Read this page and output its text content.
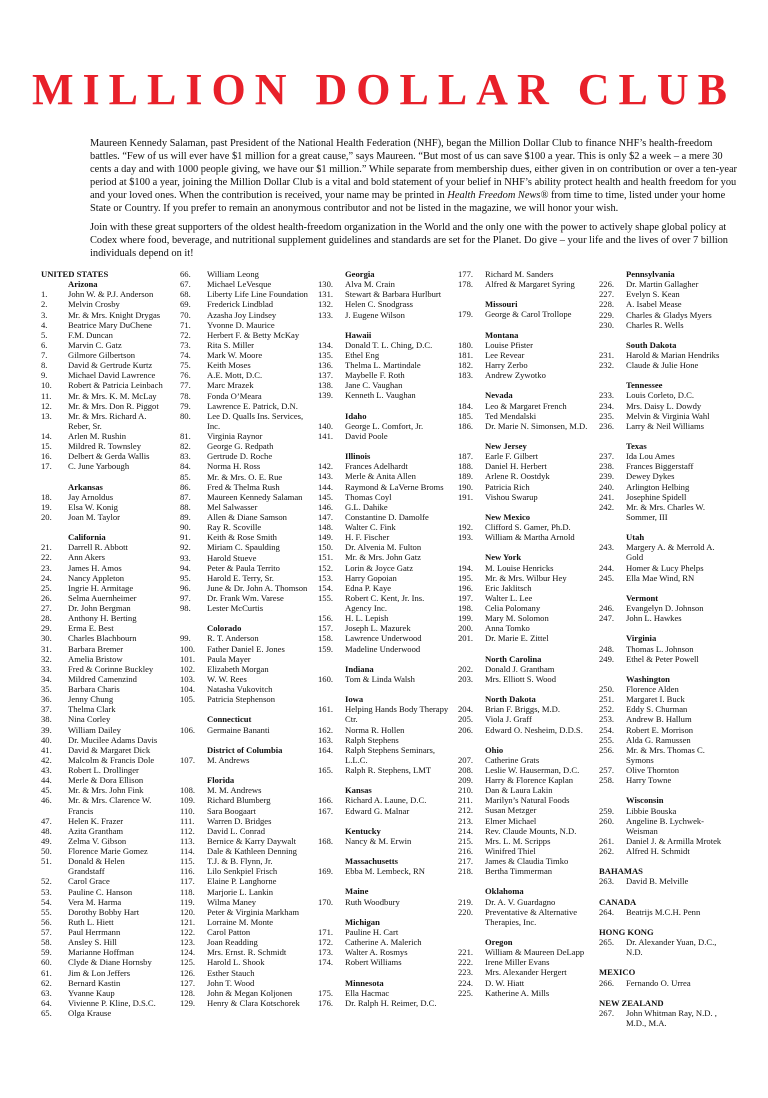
MILLION DOLLAR CLUB

Maureen Kennedy Salaman, past President of the National Health Federation (NHF), began the Million Dollar Club to finance NHF’s health-freedom battles. “Few of us will ever have $1 million for a great cause,” says Maureen. “But most of us can save $100 a year. This is only $2 a week – a mere 30 cents a day and with 1000 people giving, we have our $1 million.” While separate from membership dues, either given in on contribution or over a ten-year period at $100 a year, joining the Million Dollar Club is a vital and bold statement of your belief in NHF’s ability protect health and health freedom for you and your loved ones. When the contribution is received, your name may be printed in Health Freedom News® from time to time, listed under your home State or Country. If you prefer to remain an anonymous contributor and not be listed in the magazine, we will honor your wish.

Join with these great supporters of the oldest health-freedom organization in the World and the only one with the power to actively shape global policy at Codex where food, beverage, and nutritional supplement guidelines and standards are set for the Planet. Do give – your life and the lives of over 7 billion individuals depend on it!

UNITED STATES
Arizona
1.	John W. & P.J. Anderson
2.	Melvin Crosby
3.	Mr. & Mrs. Knight Drygas
4.	Beatrice Mary DuChene
5.	F.M. Duncan
6.	Marvin C. Gatz
7.	Gilmore Gilbertson
8.	David & Gertrude Kurtz
9.	Michael David Lawrence
10.	Robert & Patricia Leinbach
11.	Mr. & Mrs. K. M. McLay
12.	Mr. & Mrs. Don R. Piggot
13.	Mr. & Mrs. Richard A. Reber, Sr.
14.	Arlen M. Rushin
15.	Mildred R. Townsley
16.	Delbert & Gerda Wallis
17.	C. June Yarbough
Arkansas
18.	Jay Arnoldus
19.	Elsa W. Konig
20.	Joan M. Taylor
California
21.	Darrell R. Abbott
22.	Ann Akers
23.	James H. Amos
24.	Nancy Appleton
25.	Ingrie H. Armitage
26.	Selma Auernheimer
27.	Dr. John Bergman
28.	Anthony H. Berting
29.	Erma E. Best
30.	Charles Blachbourn
31.	Barbara Bremer
32.	Amelia Bristow
33.	Fred & Corinne Buckley
34.	Mildred Camenzind
35.	Barbara Charis
36.	Jenny Chung
37.	Thelma Clark
38.	Nina Corley
39.	William Dailey
40.	Dr. Mucilee Adams Davis
41.	David & Margaret Dick
42.	Malcolm & Francis Dole
43.	Robert L. Drollinger
44.	Merle & Dora Ellison
45.	Mr. & Mrs. John Fink
46.	Mr. & Mrs. Clarence W. Francis
47.	Helen K. Frazer
48.	Azita Grantham
49.	Zelma V. Gibson
50.	Florence Marie Gomez
51.	Donald & Helen Grandstaff
52.	Carol Grace
53.	Pauline C. Hanson
54.	Vera M. Harma
55.	Dorothy Bobby Hart
56.	Ruth L. Hiett
57.	Paul Herrmann
58.	Ansley S. Hill
59.	Marianne Hoffman
60.	Clyde & Diane Hornsby
61.	Jim & Lon Jeffers
62.	Bernard Kastin
63.	Yvanne Kaup
64.	Vivienne P. Kline, D.S.C.
65.	Olga Krause
66.	William Leong
67.	Michael LeVesque
68.	Liberty Life Line Foundation
69.	Frederick Lindblad
70.	Azasha Joy Lindsey
71.	Yvonne D. Maurice
72.	Herbert F. & Betty McKay
73.	Rita S. Miller
74.	Mark W. Moore
75.	Keith Moses
76.	A.E. Mott, D.C.
77.	Marc Mrazek
78.	Fonda O’Meara
79.	Lawrence E. Patrick, D.N.
80.	Lee D. Qualls Ins. Services, Inc.
81.	Virginia Raynor
82.	George G. Redpath
83.	Gertrude D. Roche
84.	Norma H. Ross
85.	Mr. & Mrs. O. E. Rue
86.	Fred & Thelma Rush
87.	Maureen Kennedy Salaman
88.	Mel Salwasser
89.	Allen & Diane Samson
90.	Ray R. Scoville
91.	Keith & Rose Smith
92.	Miriam C. Spaulding
93.	Harold Stueve
94.	Peter & Paula Territo
95.	Harold E. Terry, Sr.
96.	June & Dr. John A. Thomson
97.	Dr. Frank Wm. Varese
98.	Lester McCurtis
Colorado
99.	R. T. Anderson
100.	Father Daniel E. Jones
101.	Paula Mayer
102.	Elizabeth Morgan
103.	W. W. Rees
104.	Natasha Vukovitch
105.	Patricia Stephenson
Connecticut
106.	Germaine Bananti
District of Columbia
107.	M. Andrews
Florida
108.	M. M. Andrews
109.	Richard Blumberg
110.	Sara Boogaart
111.	Warren D. Bridges
112.	David L. Conrad
113.	Bernice & Karry Daywalt
114.	Dale & Kathleen Denning
115.	T.J. & B. Flynn, Jr.
116.	Lilo Senkpiel Frisch
117.	Elaine P. Langhorne
118.	Marjorie L. Lankin
119.	Wilma Maney
120.	Peter & Virginia Markham
121.	Lorraine M. Monte
122.	Carol Patton
123.	Joan Readding
124.	Mrs. Ernst. R. Schmidt
125.	Harold L. Shook
126.	Esther Stauch
127.	John T. Wood
128.	John & Megan Koljonen
129.	Henry & Clara Kotschorek
Georgia
130.	Alva M. Crain
131.	Stewart & Barbara Hurlburt
132.	Helen C. Snodgrass
133.	J. Eugene Wilson
Hawaii
134.	Donald T. L. Ching, D.C.
135.	Ethel Eng
136.	Thelma L. Martindale
137.	Maybelle F. Roth
138.	Jane C. Vaughan
139.	Kenneth L. Vaughan
Idaho
140.	George L. Comfort, Jr.
141.	David Poole
Illinois
142.	Frances Adelhardt
143.	Merle & Anita Allen
144.	Raymond & LaVerne Broms
145.	Thomas Coyl
146.	G.L. Dahike
147.	Constantine D. Damolfe
148.	Walter C. Fink
149.	H. F. Fischer
150.	Dr. Alvenia M. Fulton
151.	Mr. & Mrs. John Gatz
152.	Lorin & Joyce Gatz
153.	Harry Gopoian
154.	Edna P. Kaye
155.	Robert C. Kent, Jr. Ins. Agency Inc.
156.	H. L. Lepish
157.	Joseph L. Mazurek
158.	Lawrence Underwood
159.	Madeline Underwood
Indiana
160.	Tom & Linda Walsh
Iowa
161.	Helping Hands Body Therapy Ctr.
162.	Norma R. Hollen
163.	Ralph Stephens
164.	Ralph Stephens Seminars, L.L.C.
165.	Ralph R. Stephens, LMT
Kansas
166.	Richard A. Laune, D.C.
167.	Edward G. Malnar
Kentucky
168.	Nancy & M. Erwin
Massachusetts
169.	Ebba M. Lembeck, RN
Maine
170.	Ruth Woodbury
Michigan
171.	Pauline H. Cart
172.	Catherine A. Malerich
173.	Walter A. Rosmys
174.	Robert Williams
Minnesota
175.	Ella Hacmac
176.	Dr. Ralph H. Reimer, D.C.
177.	Richard M. Sanders
178.	Alfred & Margaret Syring
Missouri
179.	George & Carol Trollope
Montana
180.	Louise Pfister
181.	Lee Revear
182.	Harry Zerbo
183.	Andrew Zywotko
Nevada
184.	Leo & Margaret French
185.	Ted Mendalski
186.	Dr. Marie N. Simonsen, M.D.
New Jersey
187.	Earle F. Gilbert
188.	Daniel H. Herbert
189.	Arlene R. Oostdyk
190.	Patricia Rich
191.	Vishou Swarup
New Mexico
192.	Clifford S. Gamer, Ph.D.
193.	William & Martha Arnold
New York
194.	M. Louise Henricks
195.	Mr. & Mrs. Wilbur Hey
196.	Eric Jaklitsch
197.	Walter L. Lee
198.	Celia Polomany
199.	Mary M. Solomon
200.	Anna Tomko
201.	Dr. Marie E. Zittel
North Carolina
202.	Donald J. Grantham
203.	Mrs. Elliott S. Wood
North Dakota
204.	Brian F. Briggs, M.D.
205.	Viola J. Graff
206.	Edward O. Nesheim, D.D.S.
Ohio
207.	Catherine Grats
208.	Leslie W. Hauserman, D.C.
209.	Harry & Florence Kaplan
210.	Dan & Laura Lakin
211.	Marilyn’s Natural Foods
212.	Susan Metzger
213.	Elmer Michael
214.	Rev. Claude Mounts, N.D.
215.	Mrs. L. M. Scripps
216.	Winifred Thiel
217.	James & Claudia Timko
218.	Bertha Timmerman
Oklahoma
219.	Dr. A. V. Guardagno
220.	Preventative & Alternative Therapies, Inc.
Oregon
221.	William & Maureen DeLapp
222.	Irene Miller Evans
223.	Mrs. Alexander Hergert
224.	D. W. Hiatt
225.	Katherine A. Mills
Pennsylvania
226.	Dr. Martin Gallagher
227.	Evelyn S. Kean
228.	A. Isabel Mease
229.	Charles & Gladys Myers
230.	Charles R. Wells
South Dakota
231.	Harold & Marian Hendriks
232.	Claude & Julie Hone
Tennessee
233.	Louis Corleto, D.C.
234.	Mrs. Daisy L. Dowdy
235.	Melvin & Virginia Wahl
236.	Larry & Neil Williams
Texas
237.	Ida Lou Ames
238.	Frances Biggerstaff
239.	Dewey Dykes
240.	Arlington Helbing
241.	Josephine Spidell
242.	Mr. & Mrs. Charles W. Sommer, III
Utah
243.	Margery A. & Merrold A. Gold
244.	Homer & Lucy Phelps
245.	Ella Mae Wind, RN
Vermont
246.	Evangelyn D. Johnson
247.	John L. Hawkes
Virginia
248.	Thomas L. Johnson
249.	Ethel & Peter Powell
Washington
250.	Florence Alden
251.	Margaret I. Buck
252.	Eddy S. Churman
253.	Andrew B. Hallum
254.	Robert E. Morrison
255.	Alda G. Ramussen
256.	Mr. & Mrs. Thomas C. Symons
257.	Olive Thornton
258.	Harry Towne
Wisconsin
259.	Libbie Bouska
260.	Angeline B. Lychwek-Weisman
261.	Daniel J. & Armilla Mrotek
262.	Alfred H. Schmidt
BAHAMAS
263.	David B. Melville
CANADA
264.	Beatrijs M.C.H. Penn
HONG KONG
265.	Dr. Alexander Yuan, D.C., N.D.
MEXICO
266.	Fernando O. Urrea
NEW ZEALAND
267.	John Whitman Ray, N.D. , M.D., M.A.
